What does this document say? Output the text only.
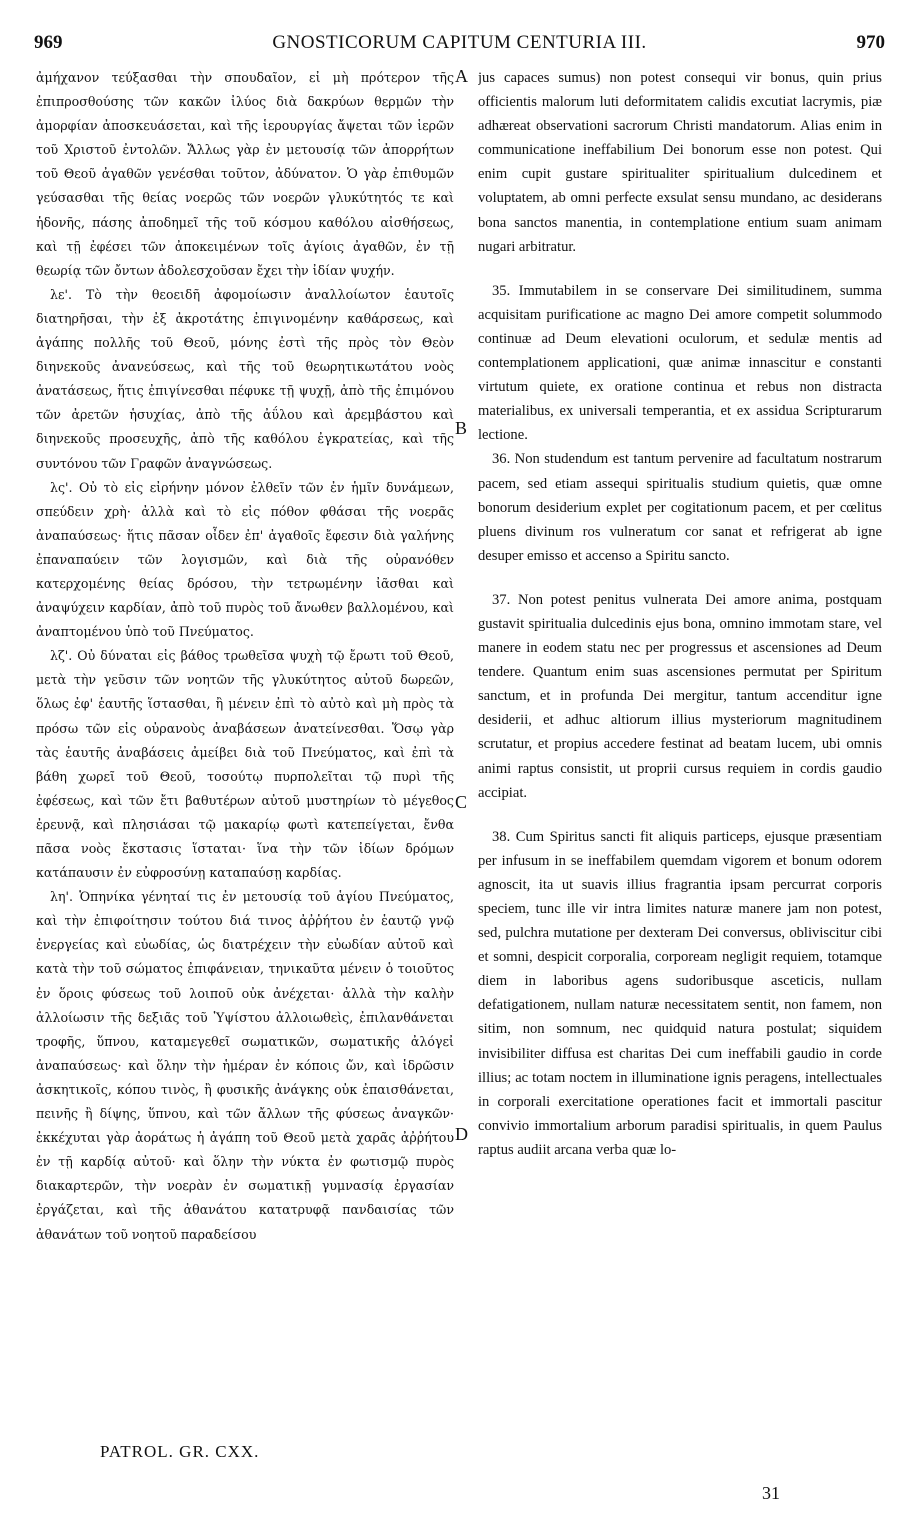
969	GNOSTICORUM CAPITUM CENTURIA III.	970

ἀμήχανον τεύξασθαι τὴν σπουδαῖον, εἰ μὴ πρότερον τῆς ἐπιπροσθούσης τῶν κακῶν ἰλύος διὰ δακρύων θερμῶν τὴν ἀμορφίαν ἀποσκευάσεται, καὶ τῆς ἱερουργίας ἄψεται τῶν ἱερῶν τοῦ Χριστοῦ ἐντολῶν. Ἄλλως γὰρ ἐν μετουσίᾳ τῶν ἀπορρήτων τοῦ Θεοῦ ἀγαθῶν γενέσθαι τοῦτον, ἀδύνατον. Ὁ γὰρ ἐπιθυμῶν γεύσασθαι τῆς θείας νοερῶς τῶν νοερῶν γλυκύτητός τε καὶ ἡδονῆς, πάσης ἀποδημεῖ τῆς τοῦ κόσμου καθόλου αἰσθήσεως, καὶ τῇ ἐφέσει τῶν ἀποκειμένων τοῖς ἁγίοις ἀγαθῶν, ἐν τῇ θεωρίᾳ τῶν ὄντων ἀδολεσχοῦσαν ἔχει τὴν ἰδίαν ψυχήν.

λε'. Τὸ τὴν θεοειδῆ ἀφομοίωσιν ἀναλλοίωτον ἑαυτοῖς διατηρῆσαι, τὴν ἐξ ἀκροτάτης ἐπιγινομένην καθάρσεως, καὶ ἀγάπης πολλῆς τοῦ Θεοῦ, μόνης ἐστὶ τῆς πρὸς τὸν Θεὸν διηνεκοῦς ἀνανεύσεως, καὶ τῆς τοῦ θεωρητικωτάτου νοὸς ἀνατάσεως, ἥτις ἐπιγίνεσθαι πέφυκε τῇ ψυχῇ, ἀπὸ τῆς ἐπιμόνου τῶν ἀρετῶν ἡσυχίας, ἀπὸ τῆς ἀΰλου καὶ ἀρεμβάστου καὶ διηνεκοῦς προσευχῆς, ἀπὸ τῆς καθόλου ἐγκρατείας, καὶ τῆς συντόνου τῶν Γραφῶν ἀναγνώσεως.

λς'. Οὐ τὸ εἰς εἰρήνην μόνον ἐλθεῖν τῶν ἐν ἡμῖν δυνάμεων, σπεύδειν χρὴ· ἀλλὰ καὶ τὸ εἰς πόθον φθάσαι τῆς νοερᾶς ἀναπαύσεως· ἥτις πᾶσαν οἶδεν ἐπ' ἀγαθοῖς ἔφεσιν διὰ γαλήνης ἐπαναπαύειν τῶν λογισμῶν, καὶ διὰ τῆς οὐρανόθεν κατερχομένης θείας δρόσου, τὴν τετρωμένην ἰᾶσθαι καὶ ἀναψύχειν καρδίαν, ἀπὸ τοῦ πυρὸς τοῦ ἄνωθεν βαλλομένου, καὶ ἀναπτομένου ὑπὸ τοῦ Πνεύματος.

λζ'. Οὐ δύναται εἰς βάθος τρωθεῖσα ψυχὴ τῷ ἔρωτι τοῦ Θεοῦ, μετὰ τὴν γεῦσιν τῶν νοητῶν τῆς γλυκύτητος αὐτοῦ δωρεῶν, ὅλως ἐφ' ἑαυτῆς ἵστασθαι, ἢ μένειν ἐπὶ τὸ αὐτὸ καὶ μὴ πρὸς τὰ πρόσω τῶν εἰς οὐρανοὺς ἀναβάσεων ἀνατείνεσθαι. Ὅσῳ γὰρ τὰς ἑαυτῆς ἀναβάσεις ἀμείβει διὰ τοῦ Πνεύματος, καὶ ἐπὶ τὰ βάθη χωρεῖ τοῦ Θεοῦ, τοσούτῳ πυρπολεῖται τῷ πυρὶ τῆς ἐφέσεως, καὶ τῶν ἔτι βαθυτέρων αὐτοῦ μυστηρίων τὸ μέγεθος ἐρευνᾷ, καὶ πλησιάσαι τῷ μακαρίῳ φωτὶ κατεπείγεται, ἔνθα πᾶσα νοὸς ἔκστασις ἵσταται· ἵνα τὴν τῶν ἰδίων δρόμων κατάπαυσιν ἐν εὐφροσύνῃ καταπαύσῃ καρδίας.

λη'. Ὁπηνίκα γένηταί τις ἐν μετουσίᾳ τοῦ ἁγίου Πνεύματος, καὶ τὴν ἐπιφοίτησιν τούτου διά τινος ἀῤῥήτου ἐν ἑαυτῷ γνῷ ἐνεργείας καὶ εὐωδίας, ὡς διατρέχειν τὴν εὐωδίαν αὐτοῦ καὶ κατὰ τὴν τοῦ σώματος ἐπιφάνειαν, τηνικαῦτα μένειν ὁ τοιοῦτος ἐν ὅροις φύσεως τοῦ λοιποῦ οὐκ ἀνέχεται· ἀλλὰ τὴν καλὴν ἀλλοίωσιν τῆς δεξιᾶς τοῦ Ὑψίστου ἀλλοιωθεὶς, ἐπιλανθάνεται τροφῆς, ὕπνου, καταμεγεθεῖ σωματικῶν, σωματικῆς ἀλόγεἰ ἀναπαύσεως· καὶ ὅλην τὴν ἡμέραν ἐν κόποις ὤν, καὶ ἱδρῶσιν ἀσκητικοῖς, κόπου τινὸς, ἢ φυσικῆς ἀνάγκης οὐκ ἐπαισθάνεται, πεινῆς ἢ δίψης, ὕπνου, καὶ τῶν ἄλλων τῆς φύσεως ἀναγκῶν· ἐκκέχυται γὰρ ἀοράτως ἡ ἀγάπη τοῦ Θεοῦ μετὰ χαρᾶς ἀῤῥήτου ἐν τῇ καρδίᾳ αὐτοῦ· καὶ ὅλην τὴν νύκτα ἐν φωτισμῷ πυρὸς διακαρτερῶν, τὴν νοερὰν ἐν σωματικῇ γυμνασίᾳ ἐργασίαν ἐργάζεται, καὶ τῆς ἀθανάτου κατατρυφᾷ πανδαισίας τῶν ἀθανάτων τοῦ νοητοῦ παραδείσου

A
B
C
D

jus capaces sumus) non potest consequi vir bonus, quin prius officientis malorum luti deformitatem calidis excutiat lacrymis, piæ adhæreat observationi sacrorum Christi mandatorum. Alias enim in communicatione ineffabilium Dei bonorum esse non potest. Qui enim cupit gustare spiritualiter spiritualium dulcedinem et voluptatem, ab omni perfecte exsulat sensu mundano, ac desiderans bona sanctos manentia, in contemplatione entium suam animam nugari arbitratur.

35. Immutabilem in se conservare Dei similitudinem, summa acquisitam purificatione ac magno Dei amore competit solummodo continuæ ad Deum elevationi oculorum, et sedulæ mentis ad contemplationem applicationi, quæ animæ innascitur e constanti virtutum quiete, ex oratione continua et rebus non distracta materialibus, ex universali temperantia, et ex assidua Scripturarum lectione.

36. Non studendum est tantum pervenire ad facultatum nostrarum pacem, sed etiam assequi spiritualis studium quietis, quæ omne bonorum desiderium explet per cogitationum pacem, et per cœlitus pluens divinum ros vulneratum cor sanat et refrigerat ab igne desuper emisso et accenso a Spiritu sancto.

37. Non potest penitus vulnerata Dei amore anima, postquam gustavit spiritualia dulcedinis ejus bona, omnino immotam stare, vel manere in eodem statu nec per progressus et ascensiones ad Deum tendere. Quantum enim suas ascensiones permutat per Spiritum sanctum, et in profunda Dei mergitur, tantum accenditur igne desiderii, et adhuc altiorum illius mysteriorum magnitudinem scrutatur, et propius accedere festinat ad beatam lucem, ubi omnis animi raptus consistit, ut proprii cursus requiem in cordis gaudio accipiat.

38. Cum Spiritus sancti fit aliquis particeps, ejusque præsentiam per infusum in se ineffabilem quemdam vigorem et bonum odorem agnoscit, ita ut suavis illius fragrantia ipsam percurrat corporis speciem, tunc ille vir intra limites naturæ manere jam non potest, sed, pulchra mutatione per dexteram Dei conversus, obliviscitur cibi et somni, despicit corporalia, corpoream negligit requiem, totamque diem in laboribus agens sudoribusque asceticis, nullam defatigationem, nullam naturæ necessitatem sentit, non famem, non sitim, non somnum, nec quidquid natura postulat; siquidem invisibiliter diffusa est charitas Dei cum ineffabili gaudio in corde illius; ac totam noctem in illuminatione ignis peragens, intellectuales in corporali exercitatione operationes facit et immortali pascitur convivio immortalium arborum paradisi spiritualis, in quem Paulus raptus audiit arcana verba quæ lo-

PATROL. GR. CXX.
31
